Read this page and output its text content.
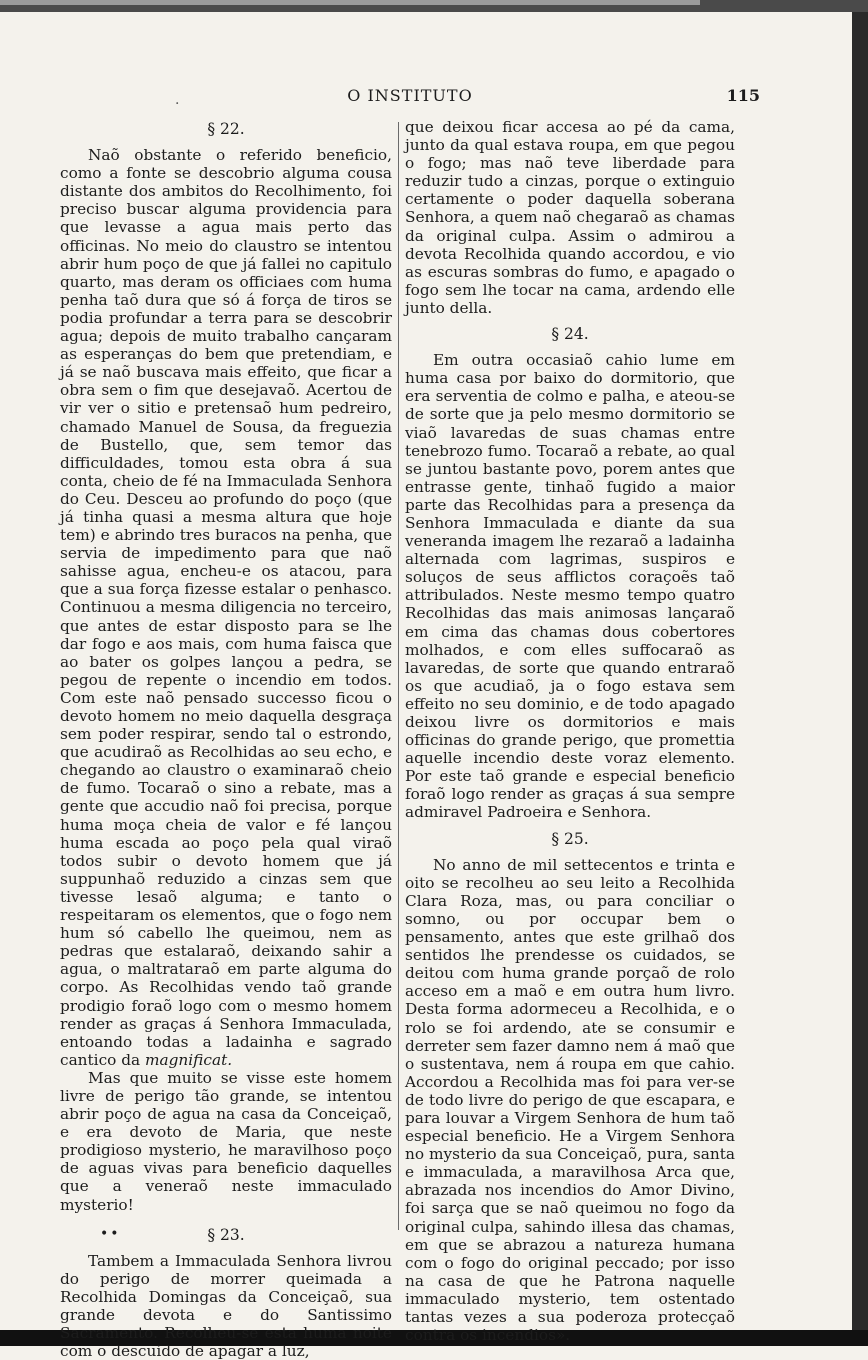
·	O INSTITUTO	115
§ 22.

Naõ obstante o referido beneficio, como a fonte se descobrio alguma cousa distante dos ambitos do Recolhimento, foi preciso buscar alguma providencia para que levasse a agua mais perto das officinas. No meio do claustro se intentou abrir hum poço de que já fallei no capitulo quarto, mas deram os officiaes com huma penha taõ dura que só á força de tiros se podia profundar a terra para se descobrir agua; depois de muito trabalho cançaram as esperanças do bem que pretendiam, e já se naõ buscava mais effeito, que ficar a obra sem o fim que desejavaõ. Acertou de vir ver o sitio e pretensaõ hum pedreiro, chamado Manuel de Sousa, da freguezia de Bustello, que, sem temor das difficuldades, tomou esta obra á sua conta, cheio de fé na Immaculada Senhora do Ceu. Desceu ao profundo do poço (que já tinha quasi a mesma altura que hoje tem) e abrindo tres buracos na penha, que servia de impedimento para que naõ sahisse agua, encheu-e os atacou, para que a sua força fizesse estalar o penhasco. Continuou a mesma diligencia no terceiro, que antes de estar disposto para se lhe dar fogo e aos mais, com huma faisca que ao bater os golpes lançou a pedra, se pegou de repente o incendio em todos. Com este naõ pensado successo ficou o devoto homem no meio daquella desgraça sem poder respirar, sendo tal o estrondo, que acudiraõ as Recolhidas ao seu echo, e chegando ao claustro o examinaraõ cheio de fumo. Tocaraõ o sino a rebate, mas a gente que accudio naõ foi precisa, porque huma moça cheia de valor e fé lançou huma escada ao poço pela qual viraõ todos subir o devoto homem que já suppunhaõ reduzido a cinzas sem que tivesse lesaõ alguma; e tanto o respeitaram os elementos, que o fogo nem hum só cabello lhe queimou, nem as pedras que estalaraõ, deixando sahir a agua, o maltrataraõ em parte alguma do corpo. As Recolhidas vendo taõ grande prodigio foraõ logo com o mesmo homem render as graças á Senhora Immaculada, entoando todas a ladainha e sagrado cantico da magnificat.

Mas que muito se visse este homem livre de perigo tão grande, se intentou abrir poço de agua na casa da Conceiçaõ, e era devoto de Maria, que neste prodigioso mysterio, he maravilhoso poço de aguas vivas para beneficio daquelles que a veneraõ neste immaculado mysterio!

§ 23.

Tambem a Immaculada Senhora livrou do perigo de morrer queimada a Recolhida Domingas da Conceiçaõ, sua grande devota e do Santissimo Sacramento. Recolheu-se esta huma noite com o descuido de apagar a luz,

••

que deixou ficar accesa ao pé da cama, junto da qual estava roupa, em que pegou o fogo; mas naõ teve liberdade para reduzir tudo a cinzas, porque o extinguio certamente o poder daquella soberana Senhora, a quem naõ chegaraõ as chamas da original culpa. Assim o admirou a devota Recolhida quando accordou, e vio as escuras sombras do fumo, e apagado o fogo sem lhe tocar na cama, ardendo elle junto della.

§ 24.

Em outra occasiaõ cahio lume em huma casa por baixo do dormitorio, que era serventia de colmo e palha, e ateou-se de sorte que ja pelo mesmo dormitorio se viaõ lavaredas de suas chamas entre tenebrozo fumo. Tocaraõ a rebate, ao qual se juntou bastante povo, porem antes que entrasse gente, tinhaõ fugido a maior parte das Recolhidas para a presença da Senhora Immaculada e diante da sua veneranda imagem lhe rezaraõ a ladainha alternada com lagrimas, suspiros e soluços de seus afflictos coraçoẽs taõ attribulados. Neste mesmo tempo quatro Recolhidas das mais animosas lançaraõ em cima das chamas dous cobertores molhados, e com elles suffocaraõ as lavaredas, de sorte que quando entraraõ os que acudiaõ, ja o fogo estava sem effeito no seu dominio, e de todo apagado deixou livre os dormitorios e mais officinas do grande perigo, que promettia aquelle incendio deste voraz elemento. Por este taõ grande e especial beneficio foraõ logo render as graças á sua sempre admiravel Padroeira e Senhora.

§ 25.

No anno de mil settecentos e trinta e oito se recolheu ao seu leito a Recolhida Clara Roza, mas, ou para conciliar o somno, ou por occupar bem o pensamento, antes que este grilhaõ dos sentidos lhe prendesse os cuidados, se deitou com huma grande porçaõ de rolo acceso em a maõ e em outra hum livro. Desta forma adormeceu a Recolhida, e o rolo se foi ardendo, ate se consumir e derreter sem fazer damno nem á maõ que o sustentava, nem á roupa em que cahio. Accordou a Recolhida mas foi para ver-se de todo livre do perigo de que escapara, e para louvar a Virgem Senhora de hum taõ especial beneficio. He a Virgem Senhora no mysterio da sua Conceiçaõ, pura, santa e immaculada, a maravilhosa Arca que, abrazada nos incendios do Amor Divino, foi sarça que se naõ queimou no fogo da original culpa, sahindo illesa das chamas, em que se abrazou a natureza humana com o fogo do original peccado; por isso na casa de que he Patrona naquelle immaculado mysterio, tem ostentado tantas vezes a sua poderoza protecçaõ contra os incendios».
